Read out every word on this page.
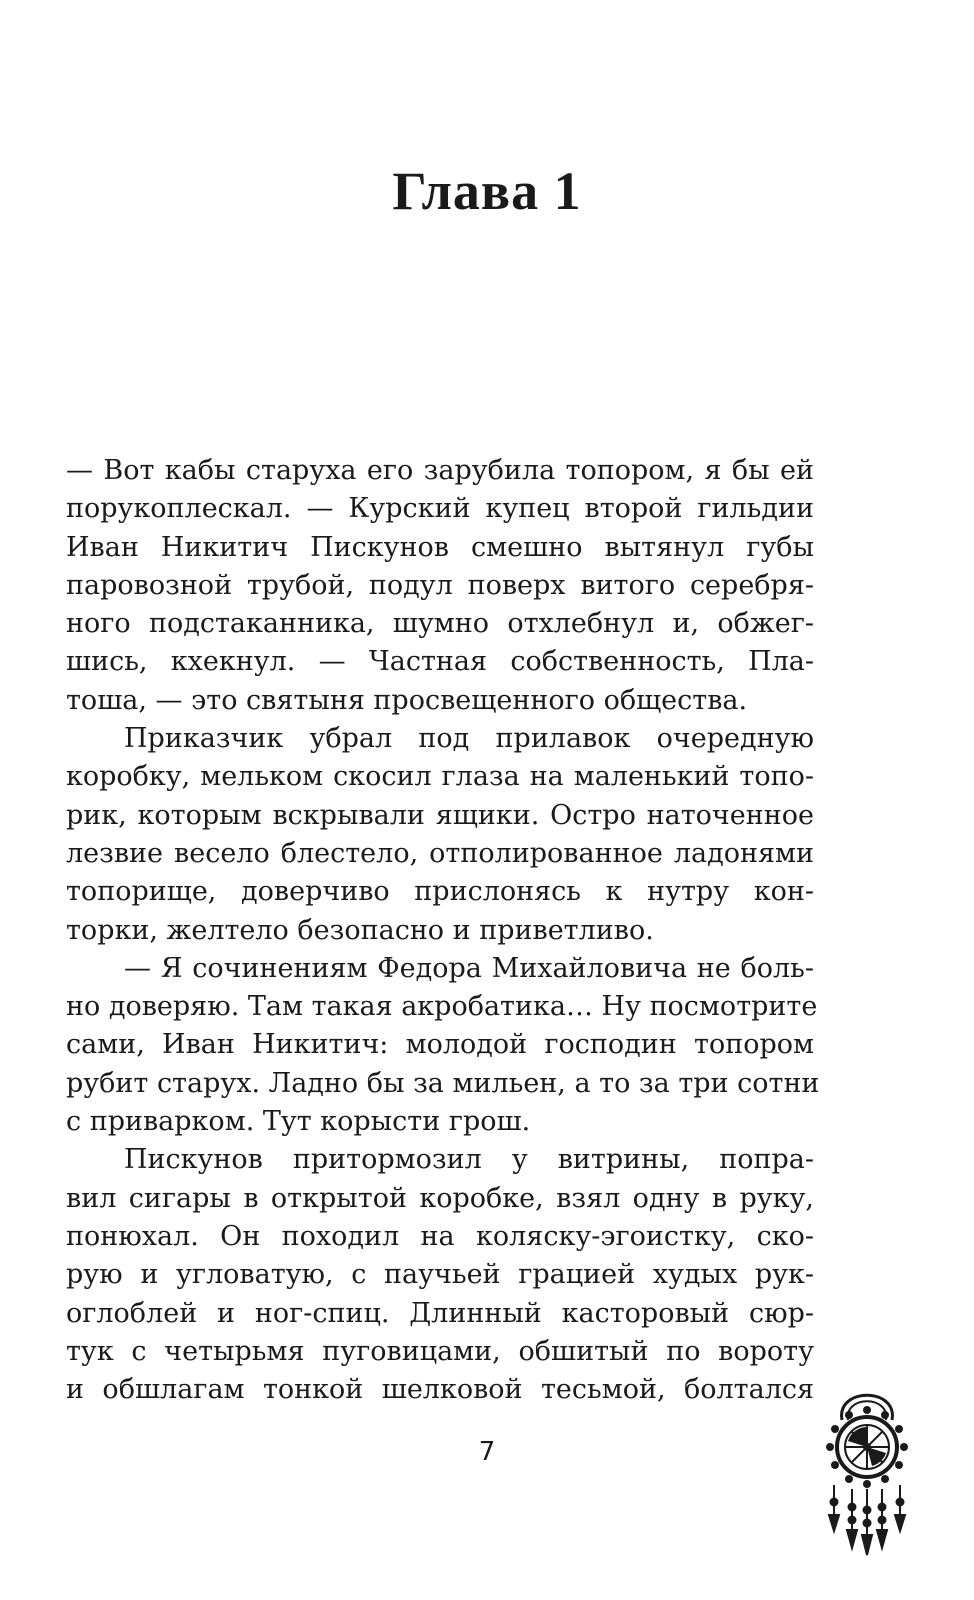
Глава 1
— Вот кабы старуха его зарубила топором, я бы ей
порукоплескал. — Курский купец второй гильдии
Иван Никитич Пискунов смешно вытянул губы
паровозной трубой, подул поверх витого серебря-
ного подстаканника, шумно отхлебнул и, обжег-
шись, кхекнул. — Частная собственность, Пла-
тоша, — это святыня просвещенного общества.
Приказчик убрал под прилавок очередную
коробку, мельком скосил глаза на маленький топо-
рик, которым вскрывали ящики. Остро наточенное
лезвие весело блестело, отполированное ладонями
топорище, доверчиво прислонясь к нутру кон-
торки, желтело безопасно и приветливо.
— Я сочинениям Федора Михайловича не боль-
но доверяю. Там такая акробатика… Ну посмотрите
сами, Иван Никитич: молодой господин топором
рубит старух. Ладно бы за мильен, а то за три сотни
с приварком. Тут корысти грош.
Пискунов притормозил у витрины, попра-
вил сигары в открытой коробке, взял одну в руку,
понюхал. Он походил на коляску-эгоистку, ско-
рую и угловатую, с паучьей грацией худых рук-
оглоблей и ног-спиц. Длинный касторовый сюр-
тук с четырьмя пуговицами, обшитый по вороту
и обшлагам тонкой шелковой тесьмой, болтался
7
